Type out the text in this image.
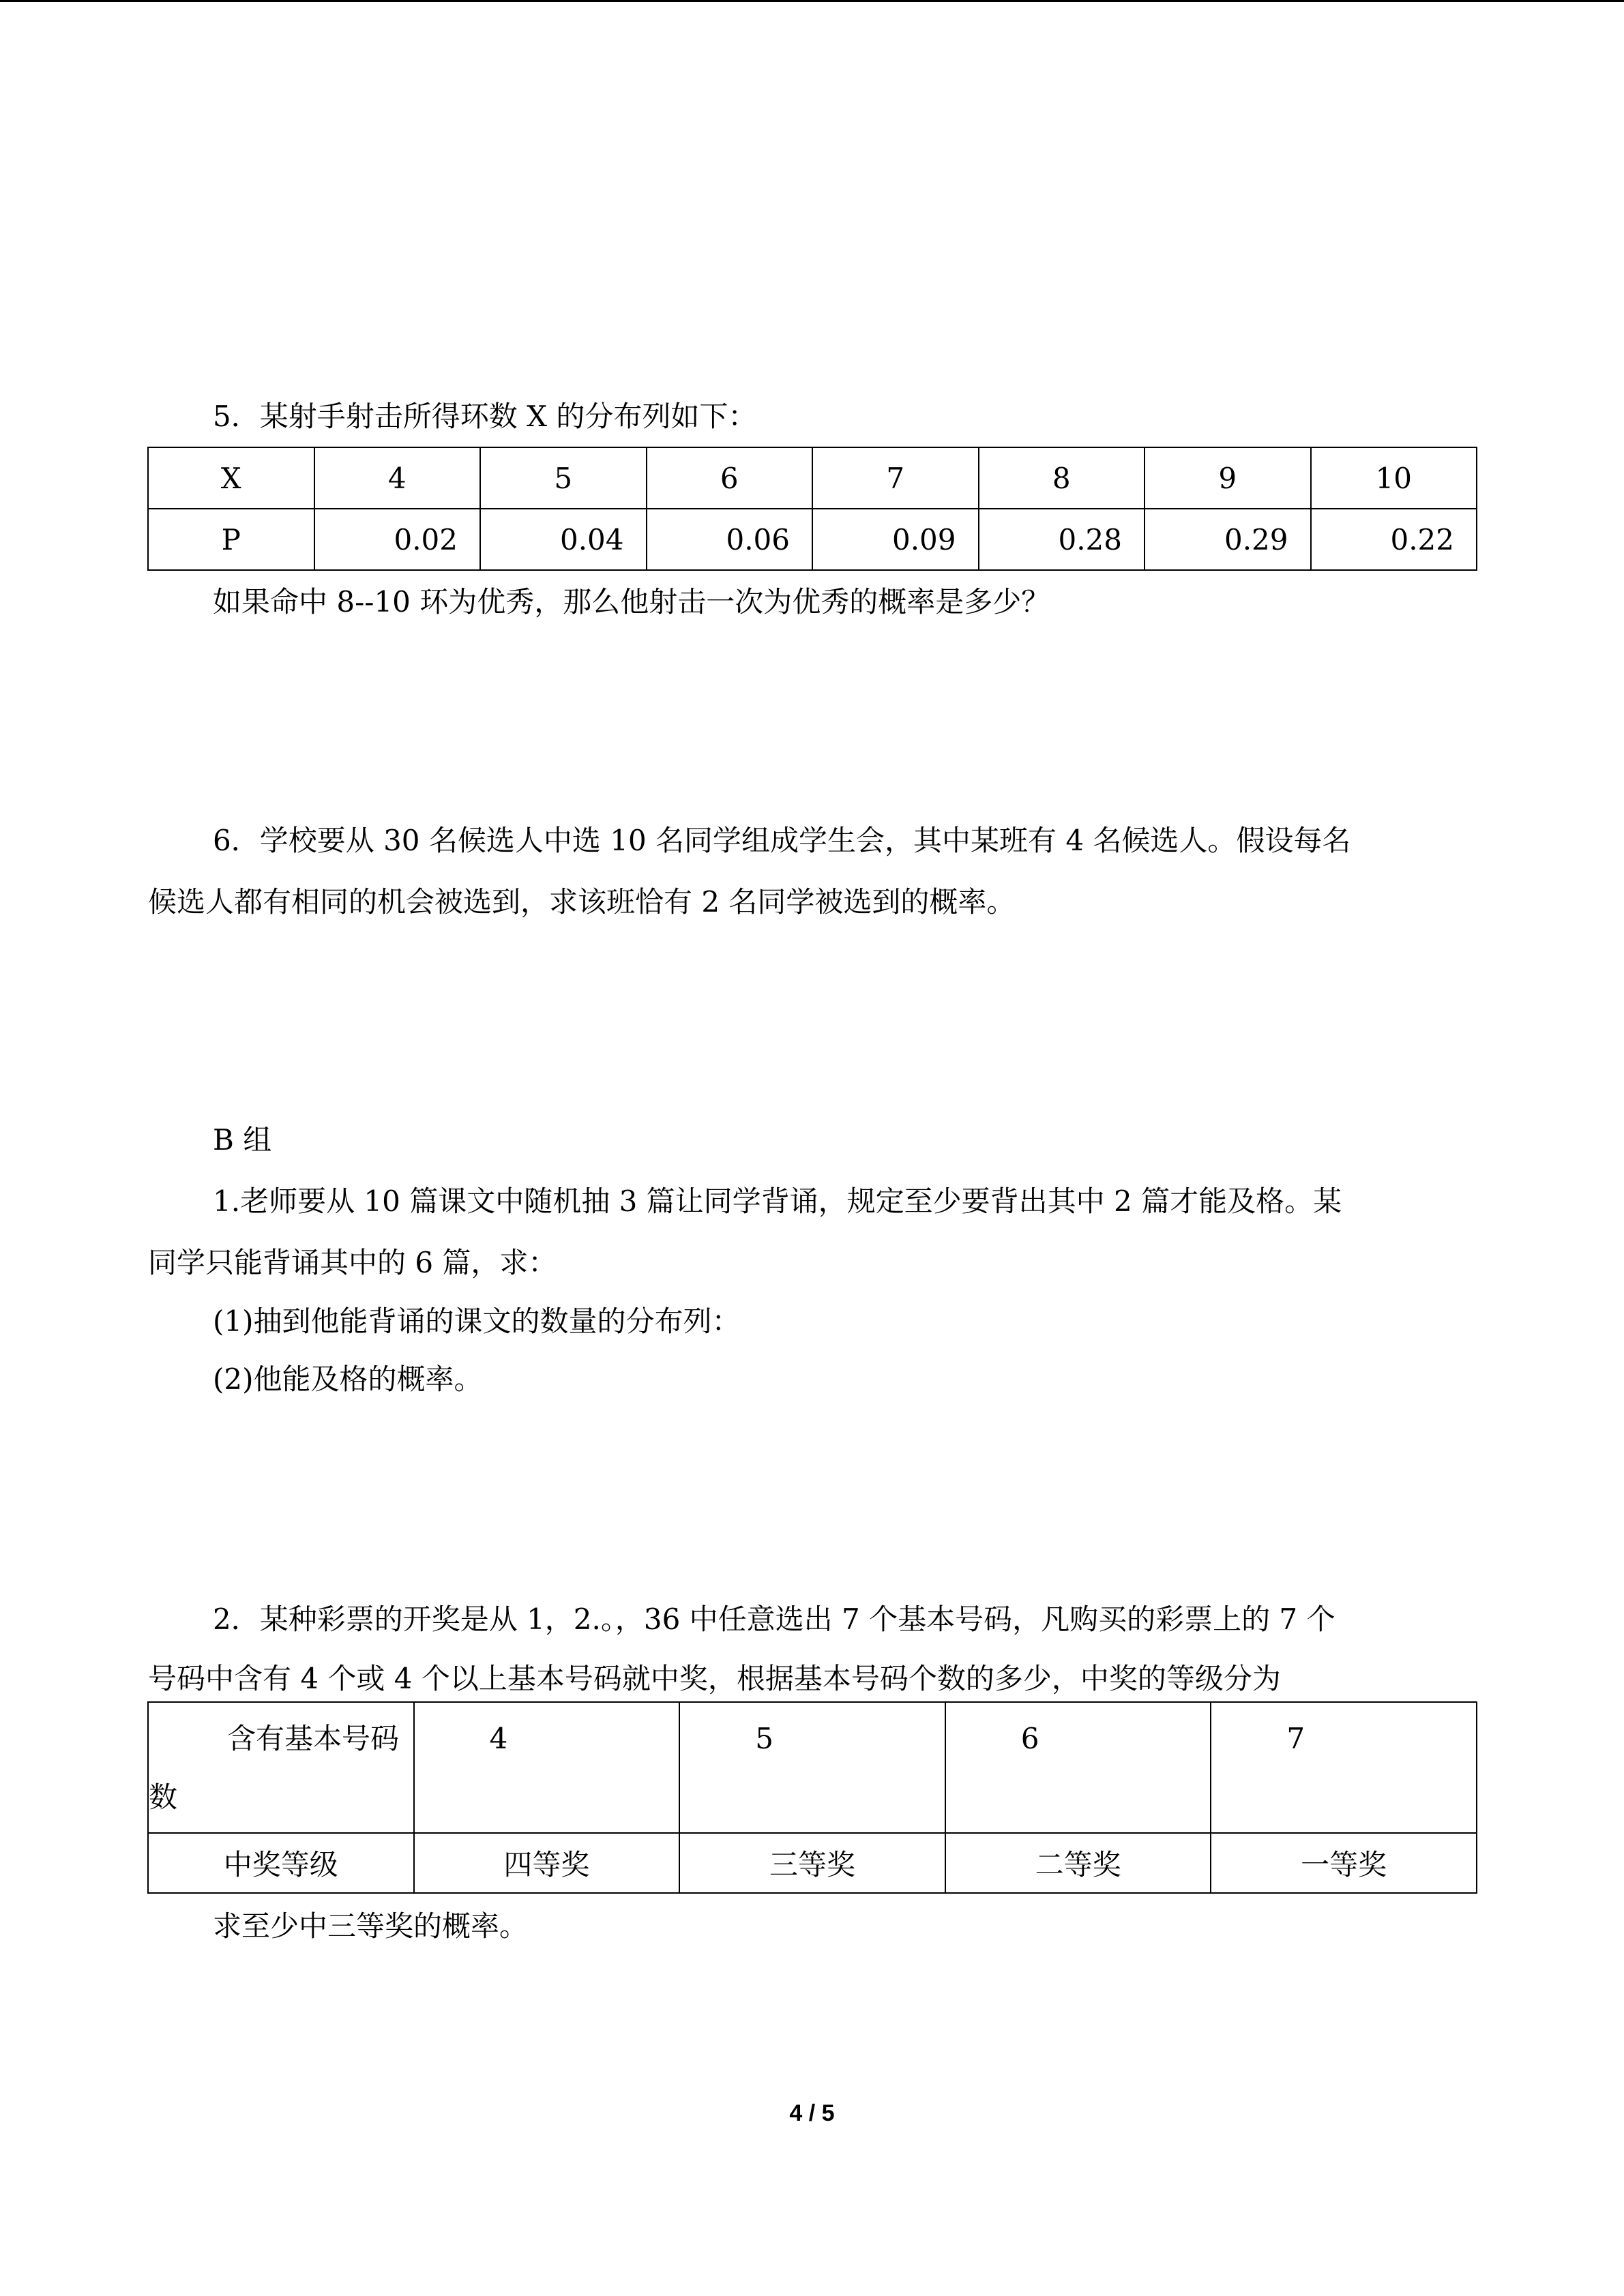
5．某射手射击所得环数 X 的分布列如下：

X	4	5	6	7	8	9	10
P	0.02	0.04	0.06	0.09	0.28	0.29	0.22

如果命中 8--10 环为优秀，那么他射击一次为优秀的概率是多少？

6．学校要从 30 名候选人中选 10 名同学组成学生会，其中某班有 4 名候选人。假设每名

候选人都有相同的机会被选到，求该班恰有 2 名同学被选到的概率。

B 组

1.老师要从 10 篇课文中随机抽 3 篇让同学背诵，规定至少要背出其中 2 篇才能及格。某

同学只能背诵其中的 6 篇，求：

(1)抽到他能背诵的课文的数量的分布列：

(2)他能及格的概率。

2．某种彩票的开奖是从 1，2.。，36 中任意选出 7 个基本号码，凡购买的彩票上的 7 个

号码中含有 4 个或 4 个以上基本号码就中奖，根据基本号码个数的多少，中奖的等级分为

含有基本号码数	4	5	6	7
中奖等级	四等奖	三等奖	二等奖	一等奖

求至少中三等奖的概率。

4 / 5
